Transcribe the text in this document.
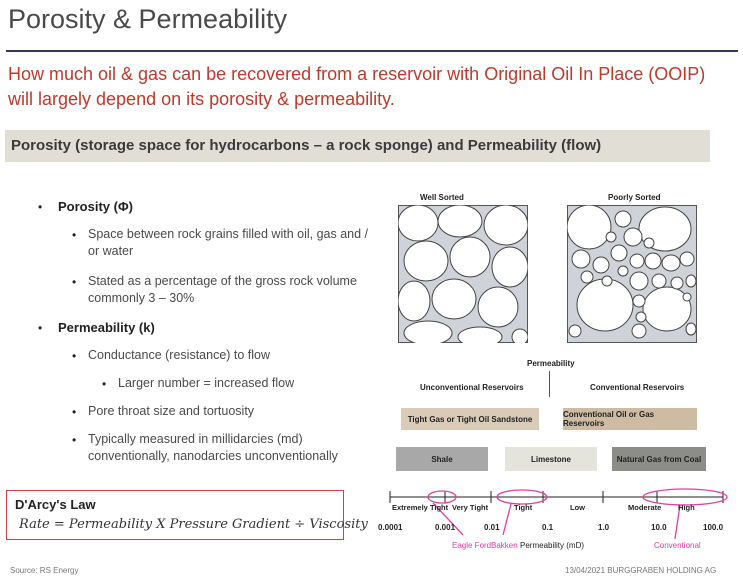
Porosity & Permeability
How much oil & gas can be recovered from a reservoir with Original Oil In Place (OOIP) will largely depend on its porosity & permeability.
Porosity (storage space for hydrocarbons – a rock sponge) and Permeability (flow)
• Porosity (Φ)
• Space between rock grains filled with oil, gas and / or water
• Stated as a percentage of the gross rock volume commonly 3 – 30%
• Permeability (k)
• Conductance (resistance) to flow
• Larger number = increased flow
• Pore throat size and tortuosity
• Typically measured in millidarcies (md) conventionally, nanodarcies unconventionally
D'Arcy's Law
Rate = Permeability X Pressure Gradient ÷ Viscosity
Well Sorted	Poorly Sorted
Permeability
Unconventional Reservoirs	Conventional Reservoirs
Tight Gas or Tight Oil Sandstone	Conventional Oil or Gas Reservoirs
Shale	Limestone	Natural Gas from Coal
Extremely Tight Very Tight	Tight	Low	Moderate High
0.0001	0.001	0.01	0.1	1.0	10.0	100.0
Eagle Ford Bakken Permeability (mD)	Conventional
Source: RS Energy	13/04/2021 BURGGRABEN HOLDING AG
